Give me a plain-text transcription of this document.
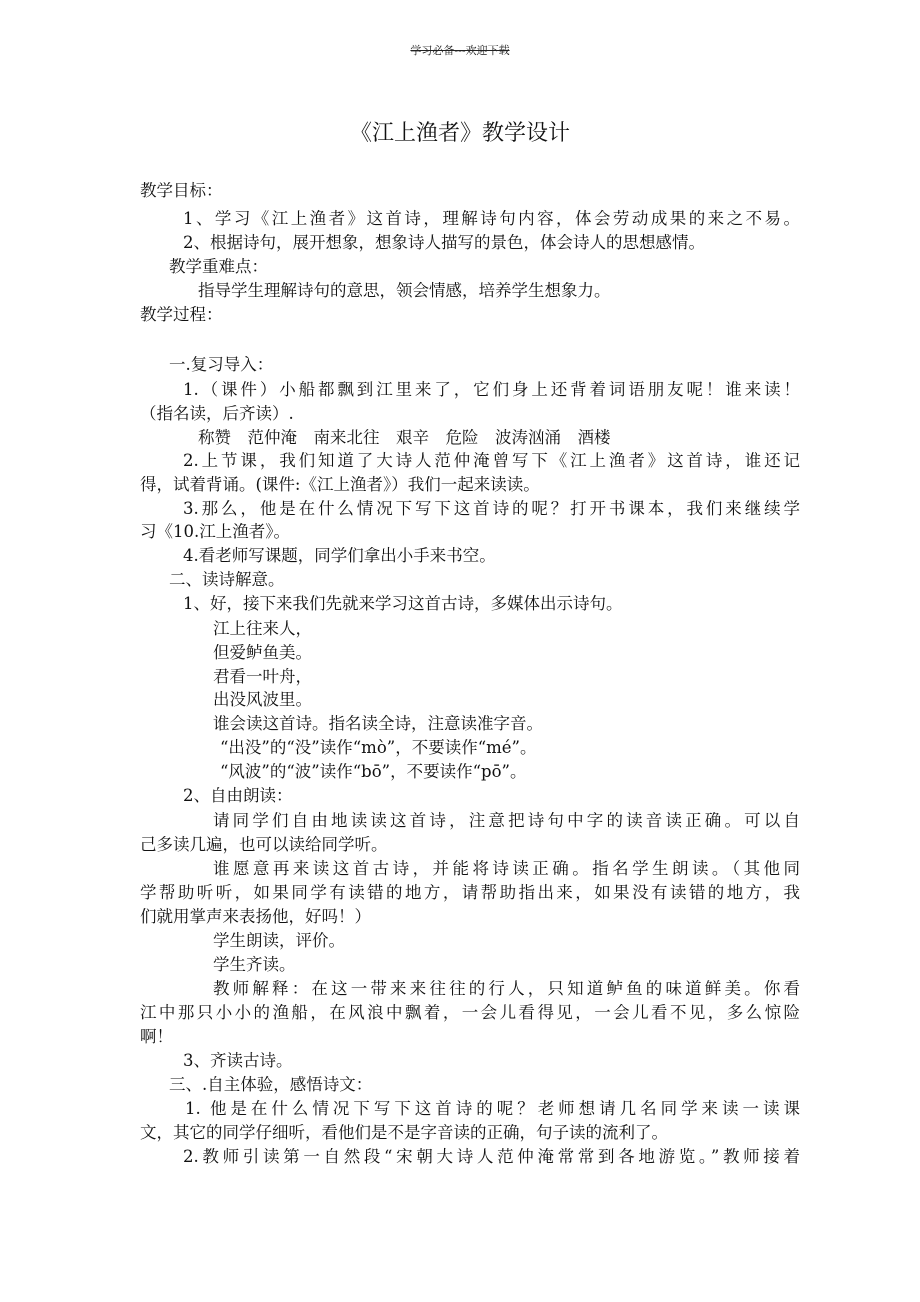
学习必备---欢迎下载
《江上渔者》教学设计
教学目标：
1、学习《江上渔者》这首诗，理解诗句内容，体会劳动成果的来之不易。
2、根据诗句，展开想象，想象诗人描写的景色，体会诗人的思想感情。
教学重难点：
指导学生理解诗句的意思，领会情感，培养学生想象力。
教学过程：
一.复习导入：
1.（课件）小船都飘到江里来了，它们身上还背着词语朋友呢！谁来读！
（指名读，后齐读）.
称赞　范仲淹　南来北往　艰辛　危险　波涛汹涌　酒楼
2.上节课，我们知道了大诗人范仲淹曾写下《江上渔者》这首诗，谁还记
得，试着背诵。(课件:《江上渔者》）我们一起来读读。
3.那么，他是在什么情况下写下这首诗的呢？打开书课本，我们来继续学
习《10.江上渔者》。
4.看老师写课题，同学们拿出小手来书空。
二、读诗解意。
1、好，接下来我们先就来学习这首古诗，多媒体出示诗句。
江上往来人，
但爱鲈鱼美。
君看一叶舟，
出没风波里。
谁会读这首诗。指名读全诗，注意读准字音。
“出没”的“没”读作“mò”，不要读作“mé”。
“风波”的“波”读作“bō”，不要读作“pō”。
2、自由朗读：
请同学们自由地读读这首诗，注意把诗句中字的读音读正确。可以自
己多读几遍，也可以读给同学听。
谁愿意再来读这首古诗，并能将诗读正确。指名学生朗读。（其他同
学帮助听听，如果同学有读错的地方，请帮助指出来，如果没有读错的地方，我
们就用掌声来表扬他，好吗！）
学生朗读，评价。
学生齐读。
教师解释：在这一带来来往往的行人，只知道鲈鱼的味道鲜美。你看
江中那只小小的渔船，在风浪中飘着，一会儿看得见，一会儿看不见，多么惊险
啊！
3、齐读古诗。
三、.自主体验，感悟诗文：
1. 他是在什么情况下写下这首诗的呢？老师想请几名同学来读一读课
文，其它的同学仔细听，看他们是不是字音读的正确，句子读的流利了。
2.教师引读第一自然段“宋朝大诗人范仲淹常常到各地游览。”教师接着
